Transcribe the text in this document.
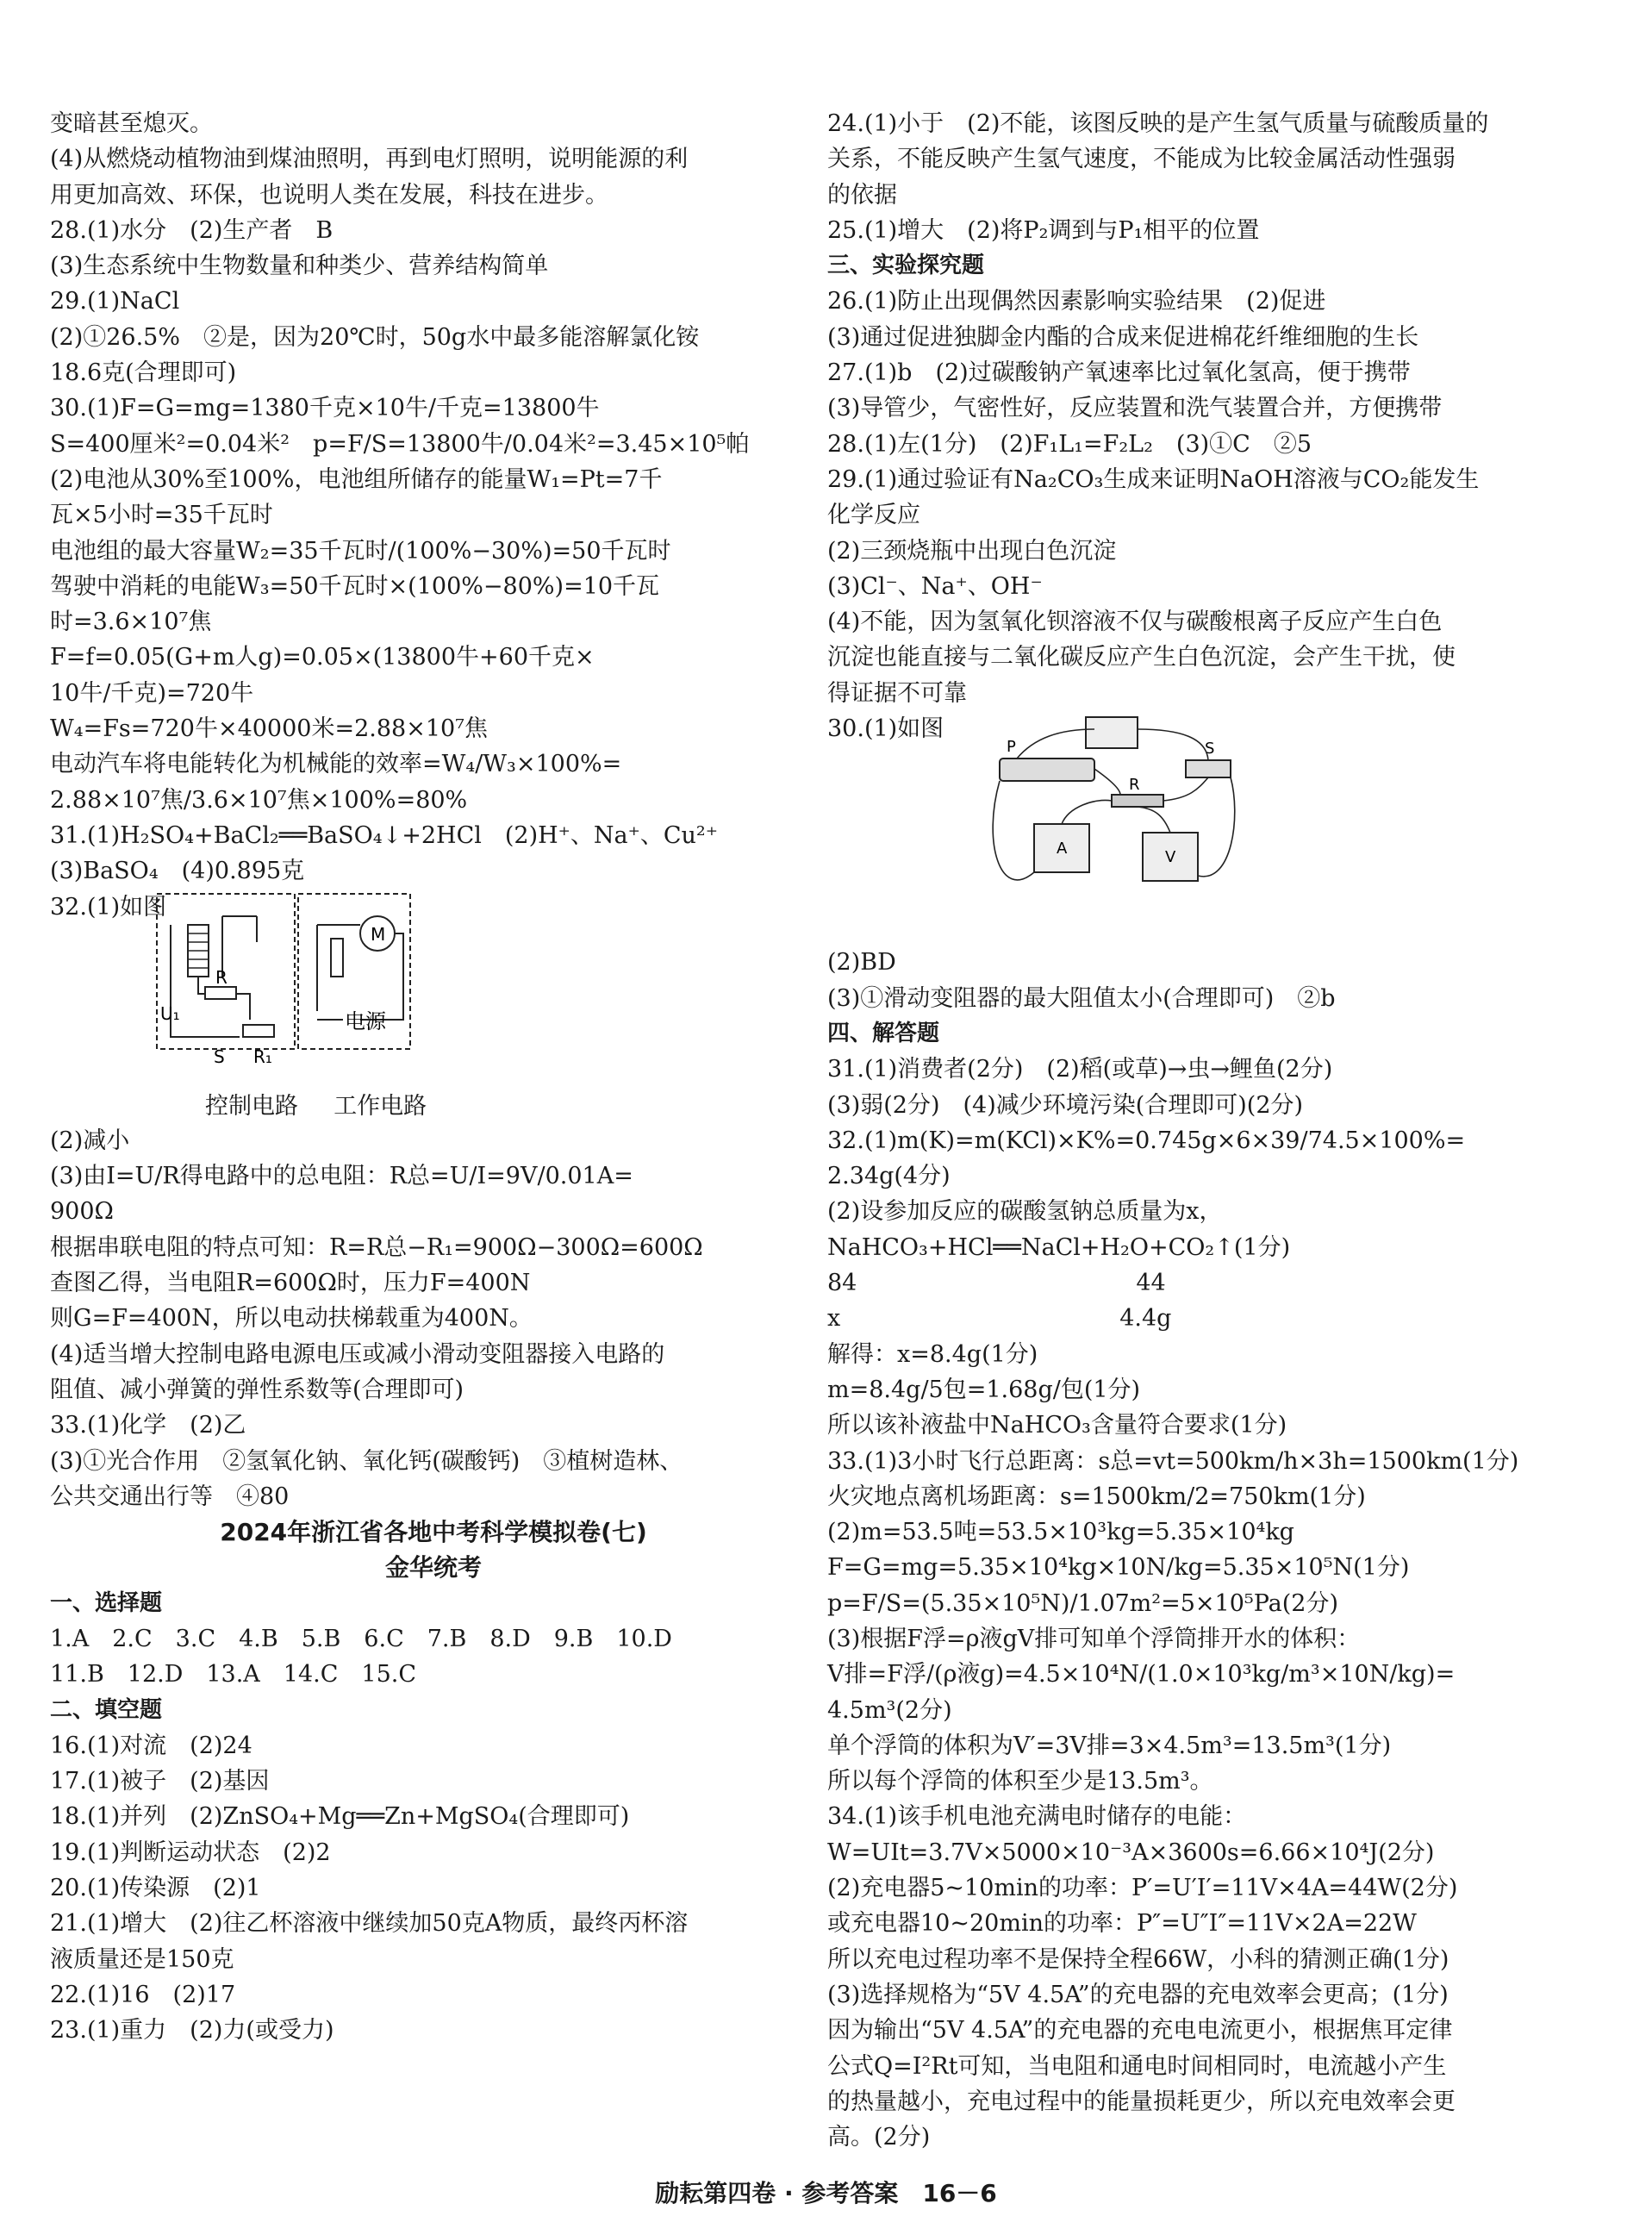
变暗甚至熄灭。
(4)从燃烧动植物油到煤油照明，再到电灯照明，说明能源的利
用更加高效、环保，也说明人类在发展，科技在进步。
28.(1)水分　(2)生产者　B
(3)生态系统中生物数量和种类少、营养结构简单
29.(1)NaCl
(2)①26.5%　②是，因为20℃时，50g水中最多能溶解氯化铵
18.6克(合理即可)
30.(1)F=G=mg=1380千克×10牛/千克=13800牛
S=400厘米²=0.04米²　p=F/S=13800牛/0.04米²=3.45×10⁵帕
(2)电池从30%至100%，电池组所储存的能量W₁=Pt=7千
瓦×5小时=35千瓦时
电池组的最大容量W₂=35千瓦时/(100%−30%)=50千瓦时
驾驶中消耗的电能W₃=50千瓦时×(100%−80%)=10千瓦
时=3.6×10⁷焦
F=f=0.05(G+m人g)=0.05×(13800牛+60千克×
10牛/千克)=720牛
W₄=Fs=720牛×40000米=2.88×10⁷焦
电动汽车将电能转化为机械能的效率=W₄/W₃×100%=
2.88×10⁷焦/3.6×10⁷焦×100%=80%
31.(1)H₂SO₄+BaCl₂══BaSO₄↓+2HCl　(2)H⁺、Na⁺、Cu²⁺
(3)BaSO₄　(4)0.895克
32.(1)如图
R
R₁
U₁
S
M
电源
控制电路 工作电路
(2)减小
(3)由I=U/R得电路中的总电阻：R总=U/I=9V/0.01A=
900Ω
根据串联电阻的特点可知：R=R总−R₁=900Ω−300Ω=600Ω
查图乙得，当电阻R=600Ω时，压力F=400N
则G=F=400N，所以电动扶梯载重为400N。
(4)适当增大控制电路电源电压或减小滑动变阻器接入电路的
阻值、减小弹簧的弹性系数等(合理即可)
33.(1)化学　(2)乙
(3)①光合作用　②氢氧化钠、氧化钙(碳酸钙)　③植树造林、
公共交通出行等　④80
2024年浙江省各地中考科学模拟卷(七)
金华统考
一、选择题
1.A　2.C　3.C　4.B　5.B　6.C　7.B　8.D　9.B　10.D
11.B　12.D　13.A　14.C　15.C
二、填空题
16.(1)对流　(2)24
17.(1)被子　(2)基因
18.(1)并列　(2)ZnSO₄+Mg══Zn+MgSO₄(合理即可)
19.(1)判断运动状态　(2)2
20.(1)传染源　(2)1
21.(1)增大　(2)往乙杯溶液中继续加50克A物质，最终丙杯溶
液质量还是150克
22.(1)16　(2)17
23.(1)重力　(2)力(或受力)
24.(1)小于　(2)不能，该图反映的是产生氢气质量与硫酸质量的
关系，不能反映产生氢气速度，不能成为比较金属活动性强弱
的依据
25.(1)增大　(2)将P₂调到与P₁相平的位置
三、实验探究题
26.(1)防止出现偶然因素影响实验结果　(2)促进
(3)通过促进独脚金内酯的合成来促进棉花纤维细胞的生长
27.(1)b　(2)过碳酸钠产氧速率比过氧化氢高，便于携带
(3)导管少，气密性好，反应装置和洗气装置合并，方便携带
28.(1)左(1分)　(2)F₁L₁=F₂L₂　(3)①C　②5
29.(1)通过验证有Na₂CO₃生成来证明NaOH溶液与CO₂能发生
化学反应
(2)三颈烧瓶中出现白色沉淀
(3)Cl⁻、Na⁺、OH⁻
(4)不能，因为氢氧化钡溶液不仅与碳酸根离子反应产生白色
沉淀也能直接与二氧化碳反应产生白色沉淀，会产生干扰，使
得证据不可靠
30.(1)如图
P
R
S
A	V
(2)BD
(3)①滑动变阻器的最大阻值太小(合理即可)　②b
四、解答题
31.(1)消费者(2分)　(2)稻(或草)→虫→鲤鱼(2分)
(3)弱(2分)　(4)减少环境污染(合理即可)(2分)
32.(1)m(K)=m(KCl)×K%=0.745g×6×39/74.5×100%=
2.34g(4分)
(2)设参加反应的碳酸氢钠总质量为x，
NaHCO₃+HCl══NaCl+H₂O+CO₂↑(1分)
84　　　　　　　　　　　　44
x　　　　　　　　　　　　4.4g
解得：x=8.4g(1分)
m=8.4g/5包=1.68g/包(1分)
所以该补液盐中NaHCO₃含量符合要求(1分)
33.(1)3小时飞行总距离：s总=vt=500km/h×3h=1500km(1分)
火灾地点离机场距离：s=1500km/2=750km(1分)
(2)m=53.5吨=53.5×10³kg=5.35×10⁴kg
F=G=mg=5.35×10⁴kg×10N/kg=5.35×10⁵N(1分)
p=F/S=(5.35×10⁵N)/1.07m²=5×10⁵Pa(2分)
(3)根据F浮=ρ液gV排可知单个浮筒排开水的体积：
V排=F浮/(ρ液g)=4.5×10⁴N/(1.0×10³kg/m³×10N/kg)=
4.5m³(2分)
单个浮筒的体积为V′=3V排=3×4.5m³=13.5m³(1分)
所以每个浮筒的体积至少是13.5m³。
34.(1)该手机电池充满电时储存的电能：
W=UIt=3.7V×5000×10⁻³A×3600s=6.66×10⁴J(2分)
(2)充电器5~10min的功率：P′=U′I′=11V×4A=44W(2分)
或充电器10~20min的功率：P″=U″I″=11V×2A=22W
所以充电过程功率不是保持全程66W，小科的猜测正确(1分)
(3)选择规格为“5V 4.5A”的充电器的充电效率会更高；(1分)
因为输出“5V 4.5A”的充电器的充电电流更小，根据焦耳定律
公式Q=I²Rt可知，当电阻和通电时间相同时，电流越小产生
的热量越小，充电过程中的能量损耗更少，所以充电效率会更
高。(2分)
励耘第四卷 · 参考答案　16－6
